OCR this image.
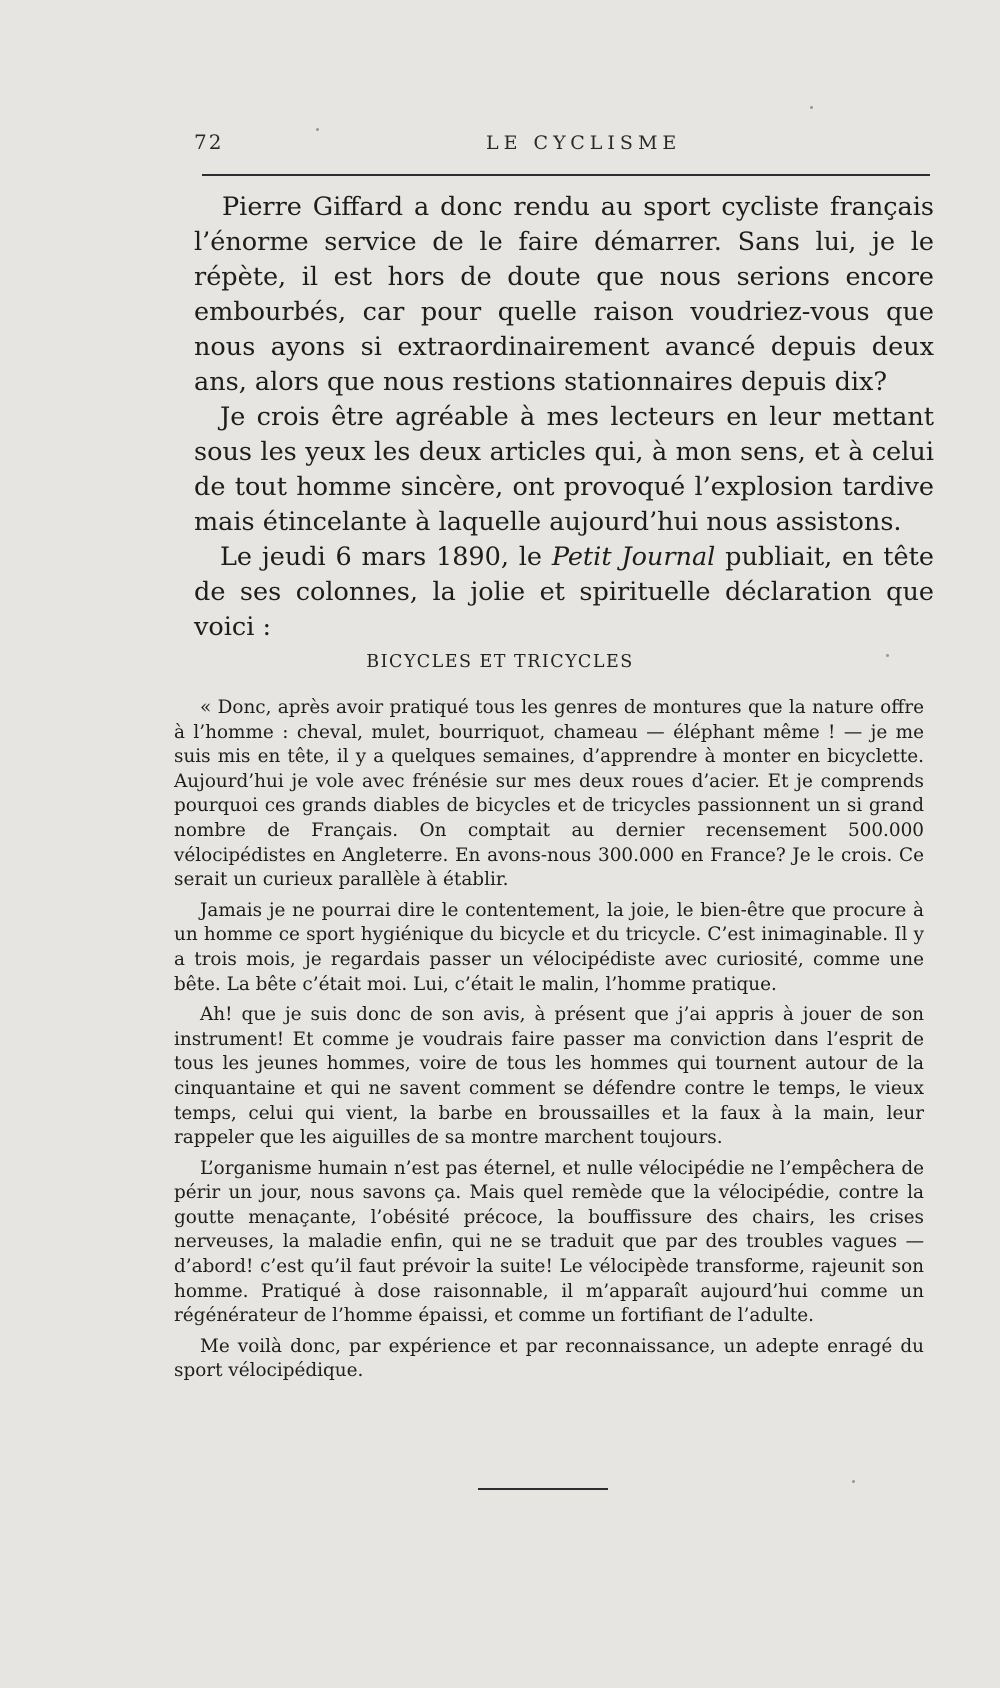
72	LE CYCLISME

Pierre Giffard a donc rendu au sport cycliste français l’énorme service de le faire démarrer. Sans lui, je le répète, il est hors de doute que nous serions encore embourbés, car pour quelle raison voudriez-vous que nous ayons si extraordinairement avancé depuis deux ans, alors que nous restions stationnaires depuis dix?

Je crois être agréable à mes lecteurs en leur mettant sous les yeux les deux articles qui, à mon sens, et à celui de tout homme sincère, ont provoqué l’explosion tardive mais étincelante à laquelle aujourd’hui nous assistons.

Le jeudi 6 mars 1890, le Petit Journal publiait, en tête de ses colonnes, la jolie et spirituelle déclaration que voici :

BICYCLES ET TRICYCLES

« Donc, après avoir pratiqué tous les genres de montures que la nature offre à l’homme : cheval, mulet, bourriquot, chameau — éléphant même ! — je me suis mis en tête, il y a quelques semaines, d’apprendre à monter en bicyclette. Aujourd’hui je vole avec frénésie sur mes deux roues d’acier. Et je comprends pourquoi ces grands diables de bicycles et de tricycles passionnent un si grand nombre de Français. On comptait au dernier recensement 500.000 vélocipédistes en Angleterre. En avons-nous 300.000 en France? Je le crois. Ce serait un curieux parallèle à établir.

Jamais je ne pourrai dire le contentement, la joie, le bien-être que procure à un homme ce sport hygiénique du bicycle et du tricycle. C’est inimaginable. Il y a trois mois, je regardais passer un vélocipédiste avec curiosité, comme une bête. La bête c’était moi. Lui, c’était le malin, l’homme pratique.

Ah! que je suis donc de son avis, à présent que j’ai appris à jouer de son instrument! Et comme je voudrais faire passer ma conviction dans l’esprit de tous les jeunes hommes, voire de tous les hommes qui tournent autour de la cinquantaine et qui ne savent comment se défendre contre le temps, le vieux temps, celui qui vient, la barbe en broussailles et la faux à la main, leur rappeler que les aiguilles de sa montre marchent toujours.

L’organisme humain n’est pas éternel, et nulle vélocipédie ne l’empêchera de périr un jour, nous savons ça. Mais quel remède que la vélocipédie, contre la goutte menaçante, l’obésité précoce, la bouffissure des chairs, les crises nerveuses, la maladie enfin, qui ne se traduit que par des troubles vagues — d’abord! c’est qu’il faut prévoir la suite! Le vélocipède transforme, rajeunit son homme. Pratiqué à dose raisonnable, il m’apparaît aujourd’hui comme un régénérateur de l’homme épaissi, et comme un fortifiant de l’adulte.

Me voilà donc, par expérience et par reconnaissance, un adepte enragé du sport vélocipédique.
